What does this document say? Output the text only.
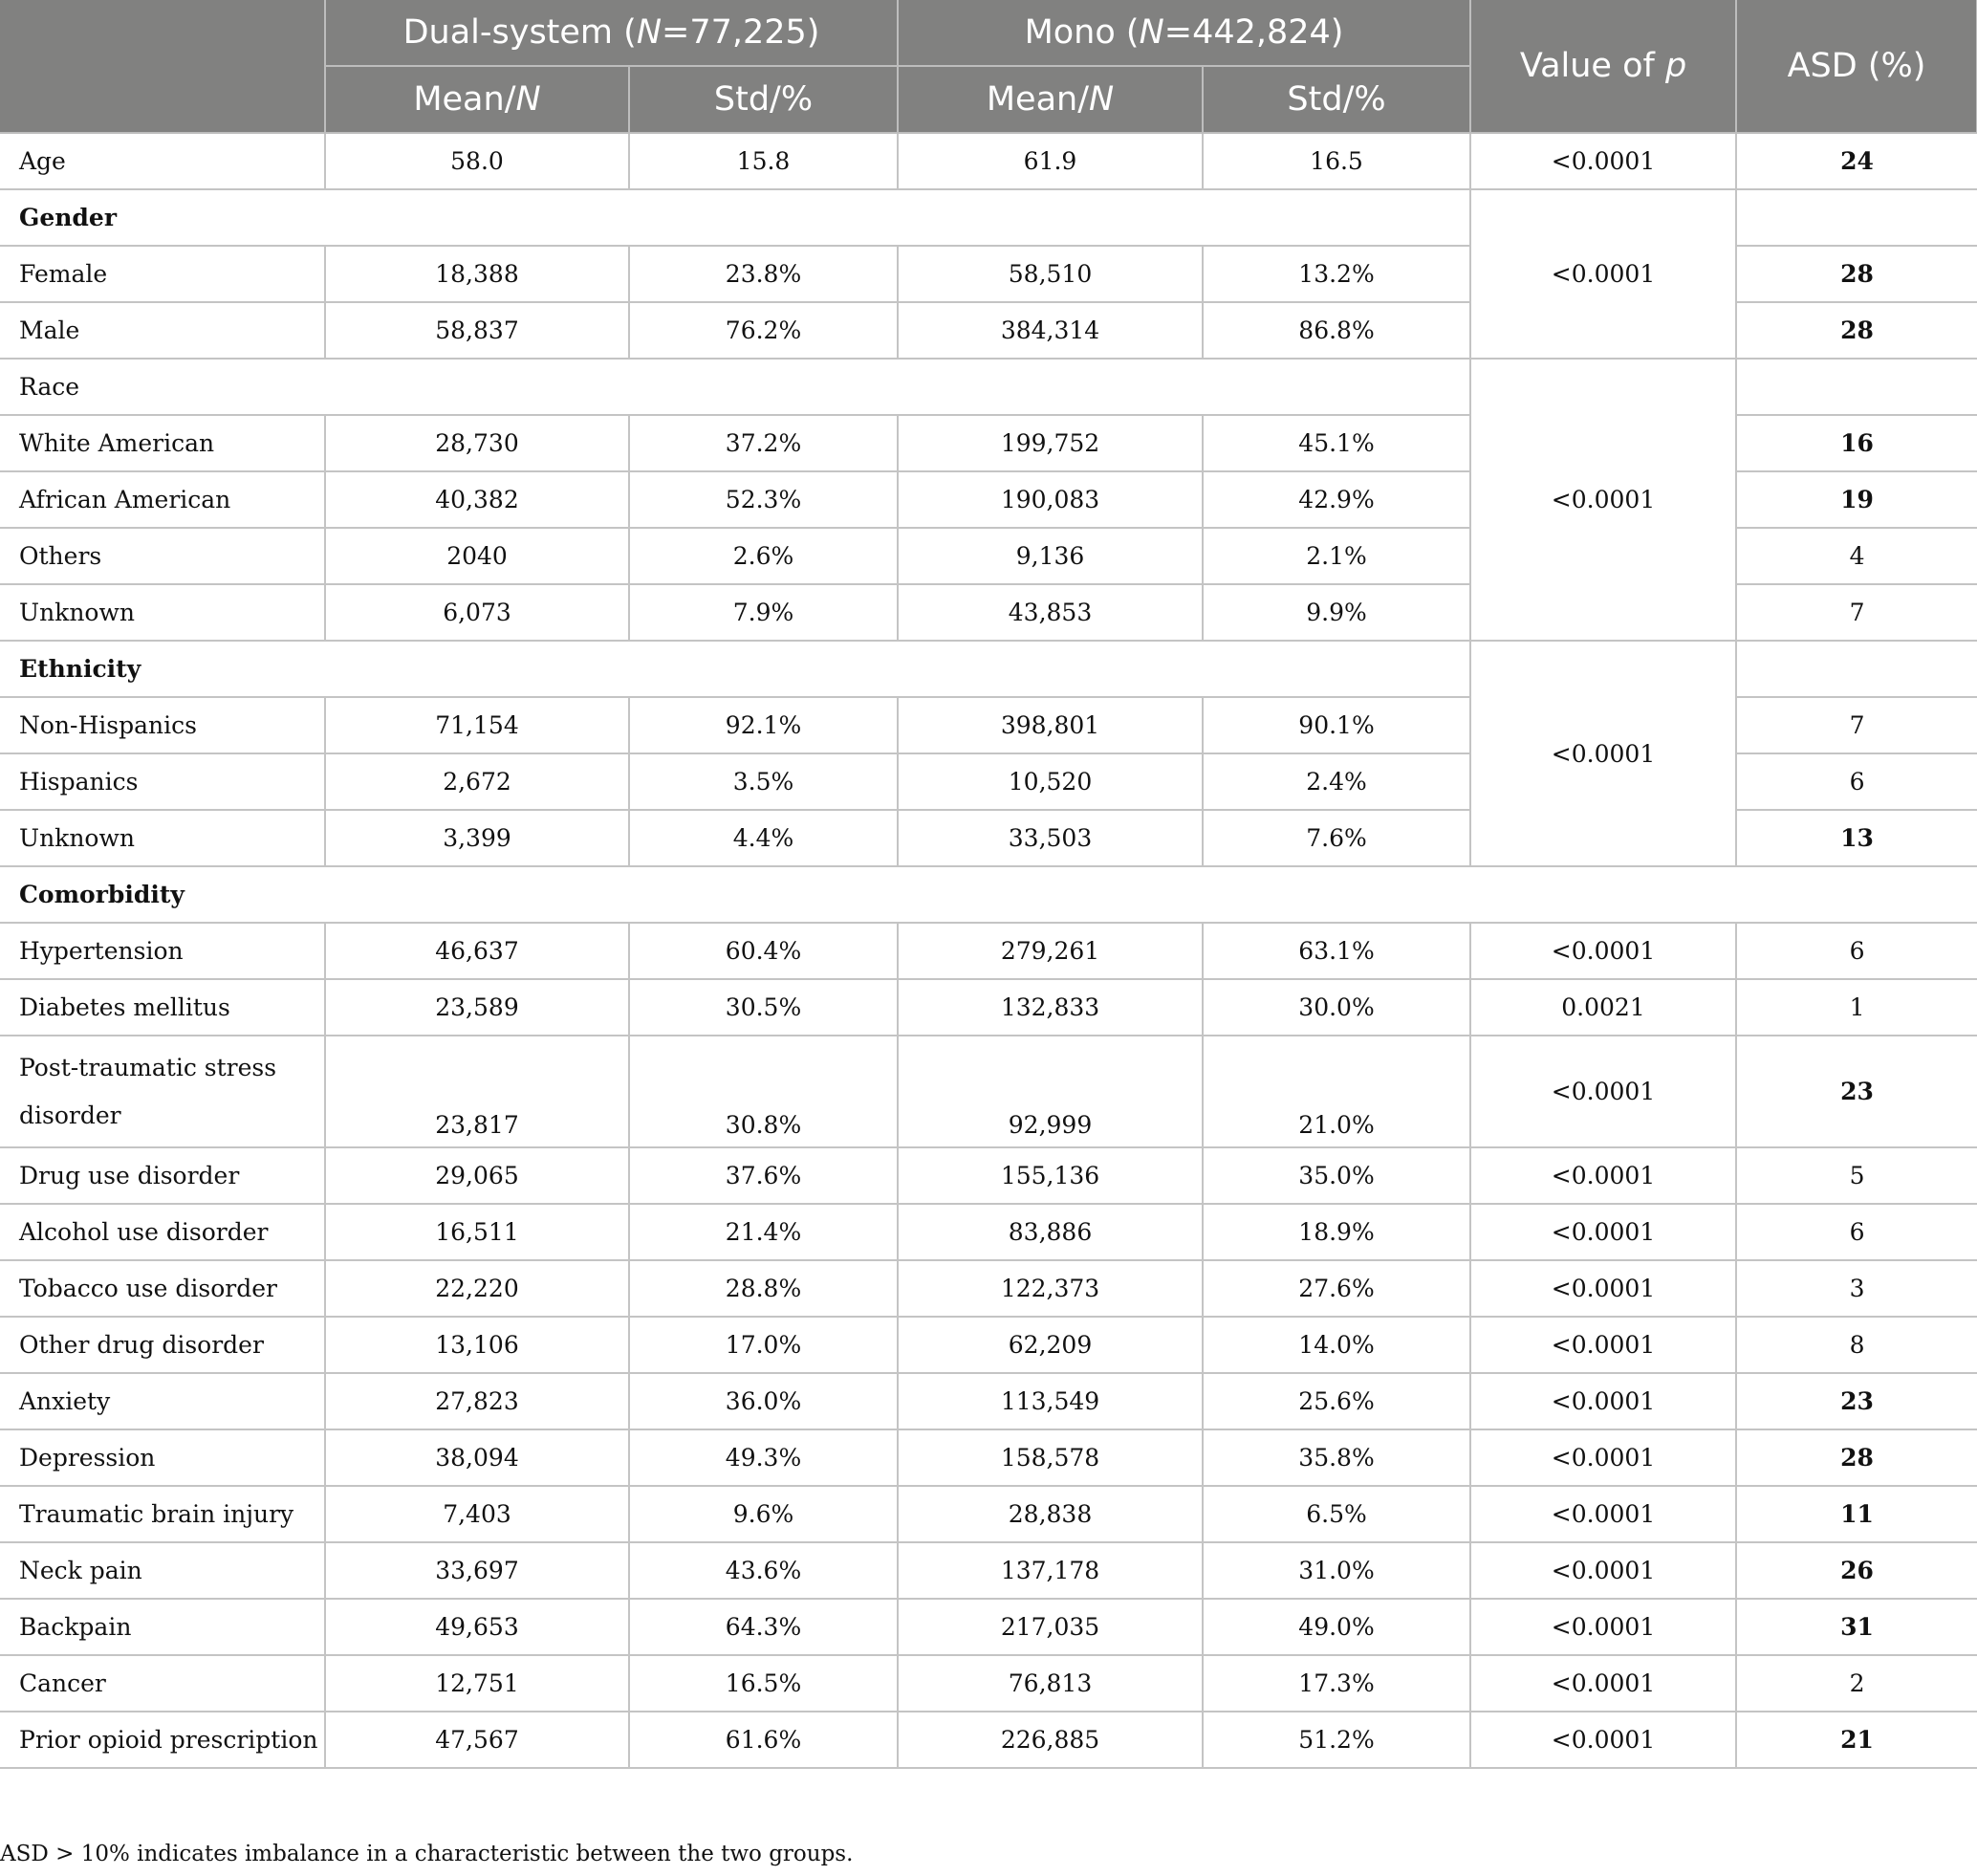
	Dual-system (N=77,225)		Mono (N=442,824)		Value of p	ASD (%)
	Mean/N	Std/%	Mean/N	Std/%		
Age	58.0	15.8	61.9	16.5	<0.0001	24
Gender					<0.0001	
Female	18,388	23.8%	58,510	13.2%		28
Male	58,837	76.2%	384,314	86.8%		28
Race					<0.0001	
White American	28,730	37.2%	199,752	45.1%		16
African American	40,382	52.3%	190,083	42.9%		19
Others	2040	2.6%	9,136	2.1%		4
Unknown	6,073	7.9%	43,853	9.9%		7
Ethnicity					<0.0001	
Non-Hispanics	71,154	92.1%	398,801	90.1%		7
Hispanics	2,672	3.5%	10,520	2.4%		6
Unknown	3,399	4.4%	33,503	7.6%		13
Comorbidity						
Hypertension	46,637	60.4%	279,261	63.1%	<0.0001	6
Diabetes mellitus	23,589	30.5%	132,833	30.0%	0.0021	1
Post-traumatic stress disorder	23,817	30.8%	92,999	21.0%	<0.0001	23
Drug use disorder	29,065	37.6%	155,136	35.0%	<0.0001	5
Alcohol use disorder	16,511	21.4%	83,886	18.9%	<0.0001	6
Tobacco use disorder	22,220	28.8%	122,373	27.6%	<0.0001	3
Other drug disorder	13,106	17.0%	62,209	14.0%	<0.0001	8
Anxiety	27,823	36.0%	113,549	25.6%	<0.0001	23
Depression	38,094	49.3%	158,578	35.8%	<0.0001	28
Traumatic brain injury	7,403	9.6%	28,838	6.5%	<0.0001	11
Neck pain	33,697	43.6%	137,178	31.0%	<0.0001	26
Backpain	49,653	64.3%	217,035	49.0%	<0.0001	31
Cancer	12,751	16.5%	76,813	17.3%	<0.0001	2
Prior opioid prescription	47,567	61.6%	226,885	51.2%	<0.0001	21
ASD > 10% indicates imbalance in a characteristic between the two groups.
